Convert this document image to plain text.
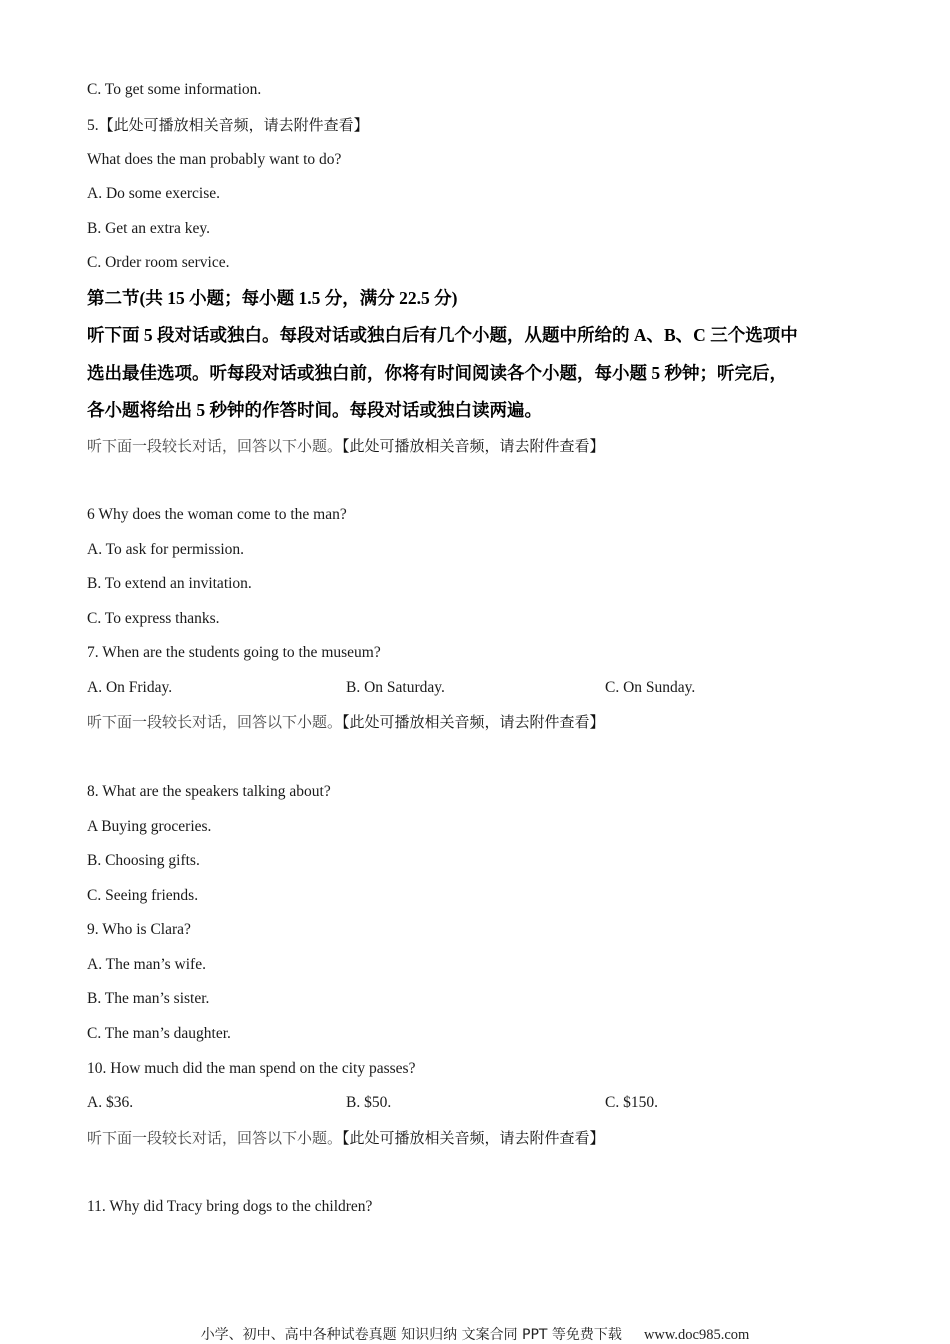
C. To get some information.
5.【此处可播放相关音频，请去附件查看】
What does the man probably want to do?
A. Do some exercise.
B. Get an extra key.
C. Order room service.
第二节(共 15 小题；每小题 1.5 分，满分 22.5 分)
听下面 5 段对话或独白。每段对话或独白后有几个小题，从题中所给的 A、B、C 三个选项中
选出最佳选项。听每段对话或独白前，你将有时间阅读各个小题，每小题 5 秒钟；听完后，
各小题将给出 5 秒钟的作答时间。每段对话或独白读两遍。
听下面一段较长对话，回答以下小题。【此处可播放相关音频，请去附件查看】
6 Why does the woman come to the man?
A. To ask for permission.
B. To extend an invitation.
C. To express thanks.
7. When are the students going to the museum?
A. On Friday.	B. On Saturday.	C. On Sunday.
听下面一段较长对话，回答以下小题。【此处可播放相关音频，请去附件查看】
8. What are the speakers talking about?
A Buying groceries.
B. Choosing gifts.
C. Seeing friends.
9. Who is Clara?
A. The man’s wife.
B. The man’s sister.
C. The man’s daughter.
10. How much did the man spend on the city passes?
A. $36.	B. $50.	C. $150.
听下面一段较长对话，回答以下小题。【此处可播放相关音频，请去附件查看】
11. Why did Tracy bring dogs to the children?
小学、初中、高中各种试卷真题 知识归纳 文案合同 PPT 等免费下载 www.doc985.com
